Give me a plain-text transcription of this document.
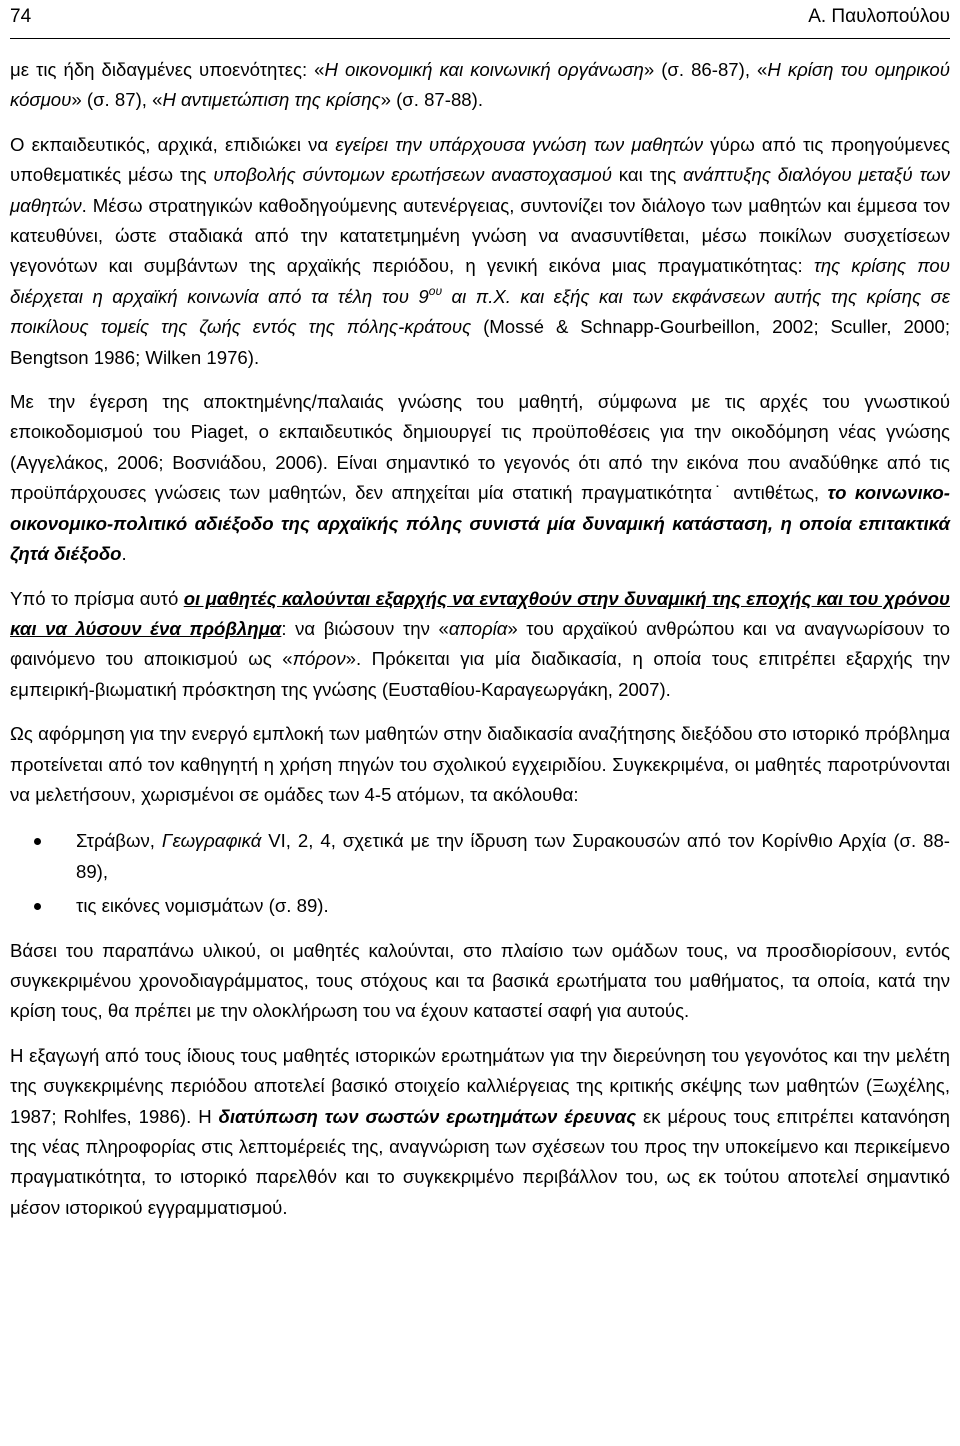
74	Α. Παυλοπούλου

με τις ήδη διδαγμένες υποενότητες: «Η οικονομική και κοινωνική οργάνωση» (σ. 86-87), «Η κρίση του ομηρικού κόσμου» (σ. 87), «Η αντιμετώπιση της κρίσης» (σ. 87-88).

Ο εκπαιδευτικός, αρχικά, επιδιώκει να εγείρει την υπάρχουσα γνώση των μαθητών γύρω από τις προηγούμενες υποθεματικές μέσω της υποβολής σύντομων ερωτήσεων αναστοχασμού και της ανάπτυξης διαλόγου μεταξύ των μαθητών. Μέσω στρατηγικών καθοδηγούμενης αυτενέργειας, συντονίζει τον διάλογο των μαθητών και έμμεσα τον κατευθύνει, ώστε σταδιακά από την κατατετμημένη γνώση να ανασυντίθεται, μέσω ποικίλων συσχετίσεων γεγονότων και συμβάντων της αρχαϊκής περιόδου, η γενική εικόνα μιας πραγματικότητας: της κρίσης που διέρχεται η αρχαϊκή κοινωνία από τα τέλη του $9^{o\upsilon}$ αι π.Χ. και εξής και των εκφάνσεων αυτής της κρίσης σε ποικίλους τομείς της ζωής εντός της πόλης-κράτους (Mossé & Schnapp-Gourbeillon, 2002; Sculler, 2000; Bengtson 1986; Wilken 1976).

Με την έγερση της αποκτημένης/παλαιάς γνώσης του μαθητή, σύμφωνα με τις αρχές του γνωστικού εποικοδομισμού του Piaget, ο εκπαιδευτικός δημιουργεί τις προϋποθέσεις για την οικοδόμηση νέας γνώσης (Αγγελάκος, 2006; Βοσνιάδου, 2006). Είναι σημαντικό το γεγονός ότι από την εικόνα που αναδύθηκε από τις προϋπάρχουσες γνώσεις των μαθητών, δεν απηχείται μία στατική πραγματικότητα˙ αντιθέτως, το κοινωνικο-οικονομικο-πολιτικό αδιέξοδο της αρχαϊκής πόλης συνιστά μία δυναμική κατάσταση, η οποία επιτακτικά ζητά διέξοδο.

Υπό το πρίσμα αυτό οι μαθητές καλούνται εξαρχής να ενταχθούν στην δυναμική της εποχής και του χρόνου και να λύσουν ένα πρόβλημα: να βιώσουν την «απορία» του αρχαϊκού ανθρώπου και να αναγνωρίσουν το φαινόμενο του αποικισμού ως «πόρον». Πρόκειται για μία διαδικασία, η οποία τους επιτρέπει εξαρχής την εμπειρική-βιωματική πρόσκτηση της γνώσης (Ευσταθίου-Καραγεωργάκη, 2007).

Ως αφόρμηση για την ενεργό εμπλοκή των μαθητών στην διαδικασία αναζήτησης διεξόδου στο ιστορικό πρόβλημα προτείνεται από τον καθηγητή η χρήση πηγών του σχολικού εγχειριδίου. Συγκεκριμένα, οι μαθητές παροτρύνονται να μελετήσουν, χωρισμένοι σε ομάδες των 4-5 ατόμων, τα ακόλουθα:

Στράβων, Γεωγραφικά VI, 2, 4, σχετικά με την ίδρυση των Συρακουσών από τον Κορίνθιο Αρχία (σ. 88-89),
τις εικόνες νομισμάτων (σ. 89).

Βάσει του παραπάνω υλικού, οι μαθητές καλούνται, στο πλαίσιο των ομάδων τους, να προσδιορίσουν, εντός συγκεκριμένου χρονοδιαγράμματος, τους στόχους και τα βασικά ερωτήματα του μαθήματος, τα οποία, κατά την κρίση τους, θα πρέπει με την ολοκλήρωση του να έχουν καταστεί σαφή για αυτούς.

Η εξαγωγή από τους ίδιους τους μαθητές ιστορικών ερωτημάτων για την διερεύνηση του γεγονότος και την μελέτη της συγκεκριμένης περιόδου αποτελεί βασικό στοιχείο καλλιέργειας της κριτικής σκέψης των μαθητών (Ξωχέλης, 1987; Rohlfes, 1986). Η διατύπωση των σωστών ερωτημάτων έρευνας εκ μέρους τους επιτρέπει κατανόηση της νέας πληροφορίας στις λεπτομέρειές της, αναγνώριση των σχέσεων του προς την υποκείμενο και περικείμενο πραγματικότητα, το ιστορικό παρελθόν και το συγκεκριμένο περιβάλλον του, ως εκ τούτου αποτελεί σημαντικό μέσον ιστορικού εγγραμματισμού.
